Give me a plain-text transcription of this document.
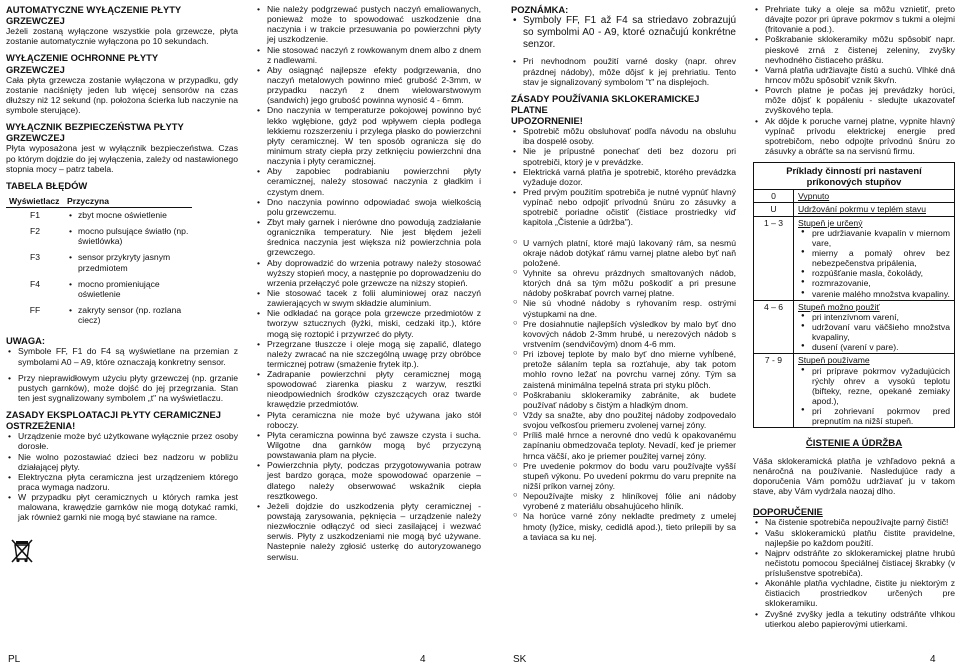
AUTOMATYCZNE WYŁĄCZENIE PŁYTY
GRZEWCZEJ

Jeżeli zostaną wyłączone wszystkie pola grzewcze, płyta zostanie automatycznie wyłączona po 10 sekundach.

WYŁĄCZENIE OCHRONNE PŁYTY
GRZEWCZEJ

Cała płyta grzewcza zostanie wyłączona w przypadku, gdy zostanie naciśnięty jeden lub więcej sensorów na czas dłuższy niż 12 sekund (np. położona ścierka lub naczynie na symbole sterujące).

WYŁĄCZNIK BEZPIECZEŃSTWA PŁYTY
GRZEWCZEJ

Płyta wyposażona jest w wyłącznik bezpieczeństwa. Czas po którym dojdzie do jej wyłączenia, zależy od nastawionego stopnia mocy – patrz tabela.

TABELA BŁĘDÓW
Wyświetlacz	Przyczyna
F1	• zbyt mocne oświetlenie
F2	• mocno pulsujące światło (np. świetlówka)
F3	• sensor przykryty jasnym przedmiotem
F4	• mocno promieniujące oświetlenie
FF	• zakryty sensor (np. rozlana ciecz)
UWAGA:
• Symbole FF, F1 do F4 są wyświetlane na przemian z symbolami A0 – A9, które oznaczają konkretny sensor.
• Przy nieprawidłowym użyciu płyty grzewczej (np. grzanie pustych garnków), może dojść do jej przegrzania. Stan ten jest sygnalizowany symbolem „t" na wyświetlaczu.
ZASADY EKSPLOATACJI PŁYTY CERAMICZNEJ
OSTRZEŻENIA!
• Urządzenie może być użytkowane wyłącznie przez osoby dorosłe.
• Nie wolno pozostawiać dzieci bez nadzoru w pobliżu działającej płyty.
• Elektryczna płyta ceramiczna jest urządzeniem którego praca wymaga nadzoru.
• W przypadku płyt ceramicznych u których ramka jest malowana, krawędzie garnków nie mogą dotykać ramki, jak również garnki nie mogą być stawiane na ramce.
• Nie należy podgrzewać pustych naczyń emaliowanych, ponieważ może to spowodować uszkodzenie dna naczynia i w trakcie przesuwania po powierzchni płyty jej uszkodzenie.
• Nie stosować naczyń z rowkowanym dnem albo z dnem z nadlewami.
• Aby osiągnąć najlepsze efekty podgrzewania, dno naczyń metalowych powinno mieć grubość 2-3mm, w przypadku naczyń z dnem wielowarstwowym (sandwich) jego grubość powinna wynosić 4 - 6mm.
• Dno naczynia w temperaturze pokojowej powinno być lekko wgłębione, gdyż pod wpływem ciepła podlega lekkiemu rozszerzeniu i przylega płasko do powierzchni płyty ceramicznej. W ten sposób ogranicza się do minimum straty ciepła przy zetknięciu powierzchni dna naczynia i płyty ceramicznej.
• Aby zapobiec podrabianiu powierzchni płyty ceramicznej, należy stosować naczynia z gładkim i czystym dnem.
• Dno naczynia powinno odpowiadać swoja wielkością polu grzewczemu.
• Zbyt mały garnek i nierówne dno powodują zadziałanie ogranicznika temperatury. Nie jest błędem jeżeli średnica naczynia jest większa niż powierzchnia pola grzewczego.
• Aby doprowadzić do wrzenia potrawy należy stosować wyższy stopień mocy, a następnie po doprowadzeniu do wrzenia przełączyć pole grzewcze na niższy stopień.
• Nie stosować tacek z folii aluminiowej oraz naczyń zawierających w swym składzie aluminium.
• Nie odkładać na gorące pola grzewcze przedmiotów z tworzyw sztucznych (łyżki, miski, cedzaki itp.), które mogą się roztopić i przywrzeć do płyty.
• Przegrzane tłuszcze i oleje mogą się zapalić, dlatego należy zwracać na nie szczególną uwagę przy obróbce termicznej potraw (smażenie frytek itp.).
• Zadrapanie powierzchni płyty ceramicznej mogą spowodować ziarenka piasku z warzyw, resztki nieodpowiednich środków czyszczących oraz twarde krawędzie przedmiotów.
• Płyta ceramiczna nie może być używana jako stół roboczy.
• Płyta ceramiczna powinna być zawsze czysta i sucha. Wilgotne dna garnków mogą być przyczyną powstawania plam na płycie.
• Powierzchnia płyty, podczas przygotowywania potraw jest bardzo gorąca, może spowodować oparzenie – dlatego należy obserwować wskaźnik ciepła resztkowego.
• Jeżeli dojdzie do uszkodzenia płyty ceramicznej - powstają zarysowania, pęknięcia – urządzenie należy niezwłocznie odłączyć od sieci zasilającej i wezwać serwis. Płyty z uszkodzeniami nie mogą być używane. Nastepnie należy zgłosić usterkę do autoryzowanego serwisu.
POZNÁMKA:
• Symboly FF, F1 až F4 sa striedavo zobrazujú so symbolmi A0 - A9, ktoré označujú konkrétne senzor.
• Pri nevhodnom použití varné dosky (napr. ohrev prázdnej nádoby), môže dôjsť k jej prehriatiu. Tento stav je signalizovaný symbolom "t" na displejoch.
ZÁSADY POUŽÍVANIA SKLOKERAMICKEJ
PLATNE
UPOZORNENIE!
• Spotrebič môžu obsluhovať podľa návodu na obsluhu iba dospelé osoby.
• Nie je prípustné ponechať deti bez dozoru pri spotrebiči, ktorý je v prevádzke.
• Elektrická varná platňa je spotrebič, ktorého prevádzka vyžaduje dozor.
• Pred prvým použitím spotrebiča je nutné vypnúť hlavný vypínač nebo odpojiť prívodnú šnúru zo zásuvky a spotrebič poriadne očistiť (čistiace prostriedky viď kapitola „Čistenie a údržba").
○ U varných platní, ktoré majú lakovaný rám, sa nesmú okraje nádob dotýkať rámu varnej platne alebo byť naň položené.
○ Vyhnite sa ohrevu prázdnych smaltovaných nádob, ktorých dná sa tým môžu poškodiť a pri presune nádoby poškrabať povrch varnej platne.
○ Nie sú vhodné nádoby s ryhovaním resp. ostrými výstupkami na dne.
○ Pre dosiahnutie najlepších výsledkov by malo byť dno kovových nádob 2-3mm hrubé, u nerezových nádob s vrstvením (sendvičovým) dnom 4-6 mm.
○ Pri izbovej teplote by malo byť dno mierne vyhĺbené, pretože sálaním tepla sa rozťahuje, aby tak potom mohlo rovno ležať na povrchu varnej zóny. Tým sa zaistená minimálna tepelná strata pri styku plôch.
○ Poškrabaniu sklokeramiky zabránite, ak budete používať nádoby s čistým a hladkým dnom.
○ Vždy sa snažte, aby dno použitej nádoby zodpovedalo svojou veľkosťou priemeru zvolenej varnej zóny.
○ Príliš malé hrnce a nerovné dno vedú k opakovanému zapínaniu obmedzovača teploty. Nevadí, keď je priemer hrnca väčší, ako je priemer použitej varnej zóny.
○ Pre uvedenie pokrmov do bodu varu používajte vyšší stupeň výkonu. Po uvedení pokrmu do varu prepnite na nižší príkon varnej zóny.
○ Nepoužívajte misky z hliníkovej fólie ani nádoby vyrobené z materiálu obsahujúceho hliník.
○ Na horúce varné zóny nekladte predmety z umelej hmoty (lyžice, misky, cedidlá apod.), tieto prilepili by sa a taviaca sa ku nej.
• Prehriate tuky a oleje sa môžu vznietiť, preto dávajte pozor pri úprave pokrmov s tukmi a olejmi (fritovanie a pod.).
• Poškrabanie sklokeramiky môžu spôsobiť napr. pieskové zrná z čistenej zeleniny, zvyšky nevhodného čistiaceho prášku.
• Varná platňa udržiavajte čistú a suchú. Vlhké dná hrncov môžu spôsobiť vznik škvŕn.
• Povrch platne je počas jej prevádzky horúci, môže dôjsť k popáleniu - sledujte ukazovateľ zvyškového tepla.
• Ak dôjde k poruche varnej platne, vypnite hlavný vypínač prívodu elektrickej energie pred spotrebičom, nebo odpojte prívodnú šnúru zo zásuvky a obráťte sa na servisnú firmu.
Príklady činností pri nastavení
príkonových stupňov
0	Vypnuto
U	Udržování pokrmu v teplém stavu
1 – 3	Stupeň je určený
● pre udržiavanie kvapalín v miernom vare,
● mierny a pomalý ohrev bez nebezpečenstva pripálenia,
● rozpúšťanie masla, čokolády,
● rozmrazovanie,
● varenie malého množstva kvapaliny.
4 – 6	Stupeň možno použiť
● pri intenzívnom varení,
● udržovaní varu väčšieho množstva kvapaliny,
● dusení (varení v pare).
7 - 9	Stupeň používame
● pri príprave pokrmov vyžadujúcich rýchly ohrev a vysokú teplotu (bifteky, rezne, opekané zemiaky apod.),
● pri zohrievaní pokrmov pred prepnutím na nižší stupeň.
ČISTENIE A ÚDRŽBA

Váša sklokeramická platňa je vzhľadovo pekná a nenáročná na používanie. Nasledujúce rady a doporučenia Vám pomôžu udržiavať ju v takom stave, aby Vám vydržala naozaj dlho.

DOPORUČENIE
• Na čistenie spotrebiča nepoužívajte parný čistič!
• Vašu sklokeramickú platňu čistite pravidelne, najlepšie po každom použití.
• Najprv odstráňte zo sklokeramickej platne hrubú nečistotu pomocou špeciálnej čistiacej škrabky (v príslušenstve spotrebiča).
• Akonáhle platňa vychladne, čistite ju niektorým z čistiacich prostriedkov určených pre sklokeramiku.
• Zvyšné zvyšky jedla a tekutiny odstráňte vlhkou utierkou alebo papierovými utierkami.
PL	4	SK	4
